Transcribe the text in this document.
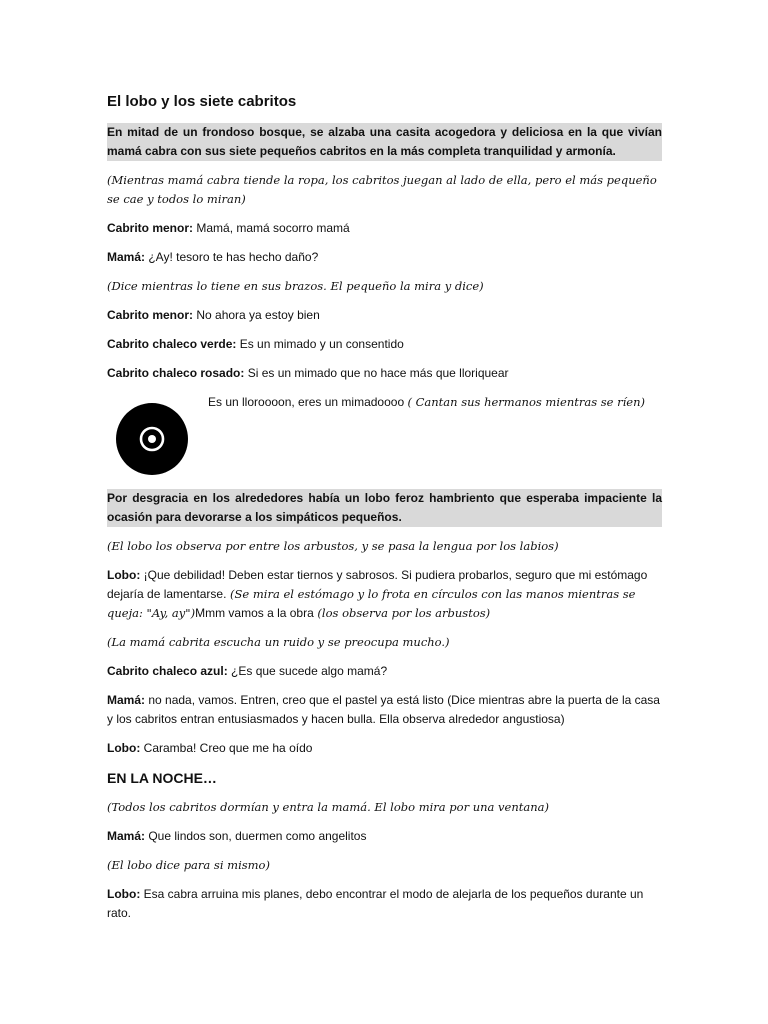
El lobo y los siete cabritos

En mitad de un frondoso bosque, se alzaba una casita acogedora y deliciosa en la que vivían mamá cabra con sus siete pequeños cabritos en la más completa tranquilidad y armonía.

(Mientras mamá cabra tiende la ropa, los cabritos juegan al lado de ella, pero el más pequeño se cae y todos lo miran)

Cabrito menor: Mamá, mamá socorro mamá

Mamá: ¿Ay! tesoro te has hecho daño?

(Dice mientras lo tiene en sus brazos. El pequeño la mira y dice)

Cabrito menor: No ahora ya estoy bien

Cabrito chaleco verde: Es un mimado y un consentido

Cabrito chaleco rosado: Si es un mimado que no hace más que lloriquear

Es un lloroooon, eres un mimadoooo ( Cantan sus hermanos mientras se ríen)

Por desgracia en los alrededores había un lobo feroz hambriento que esperaba impaciente la ocasión para devorarse a los simpáticos pequeños.

(El lobo los observa por entre los arbustos, y se pasa la lengua por los labios)

Lobo: ¡Que debilidad! Deben estar tiernos y sabrosos. Si pudiera probarlos, seguro que mi estómago dejaría de lamentarse. (Se mira el estómago y lo frota en círculos con las manos mientras se queja: "Ay, ay")Mmm vamos a la obra (los observa por los arbustos)

(La mamá cabrita escucha un ruido y se preocupa mucho.)

Cabrito chaleco azul: ¿Es que sucede algo mamá?

Mamá: no nada, vamos. Entren, creo que el pastel ya está listo (Dice mientras abre la puerta de la casa y los cabritos entran entusiasmados y hacen bulla. Ella observa alrededor angustiosa)

Lobo: Caramba! Creo que me ha oído

EN LA NOCHE…

(Todos los cabritos dormían y entra la mamá. El lobo mira por una ventana)

Mamá: Que lindos son, duermen como angelitos

(El lobo dice para si mismo)

Lobo: Esa cabra arruina mis planes, debo encontrar el modo de alejarla de los pequeños durante un rato.
